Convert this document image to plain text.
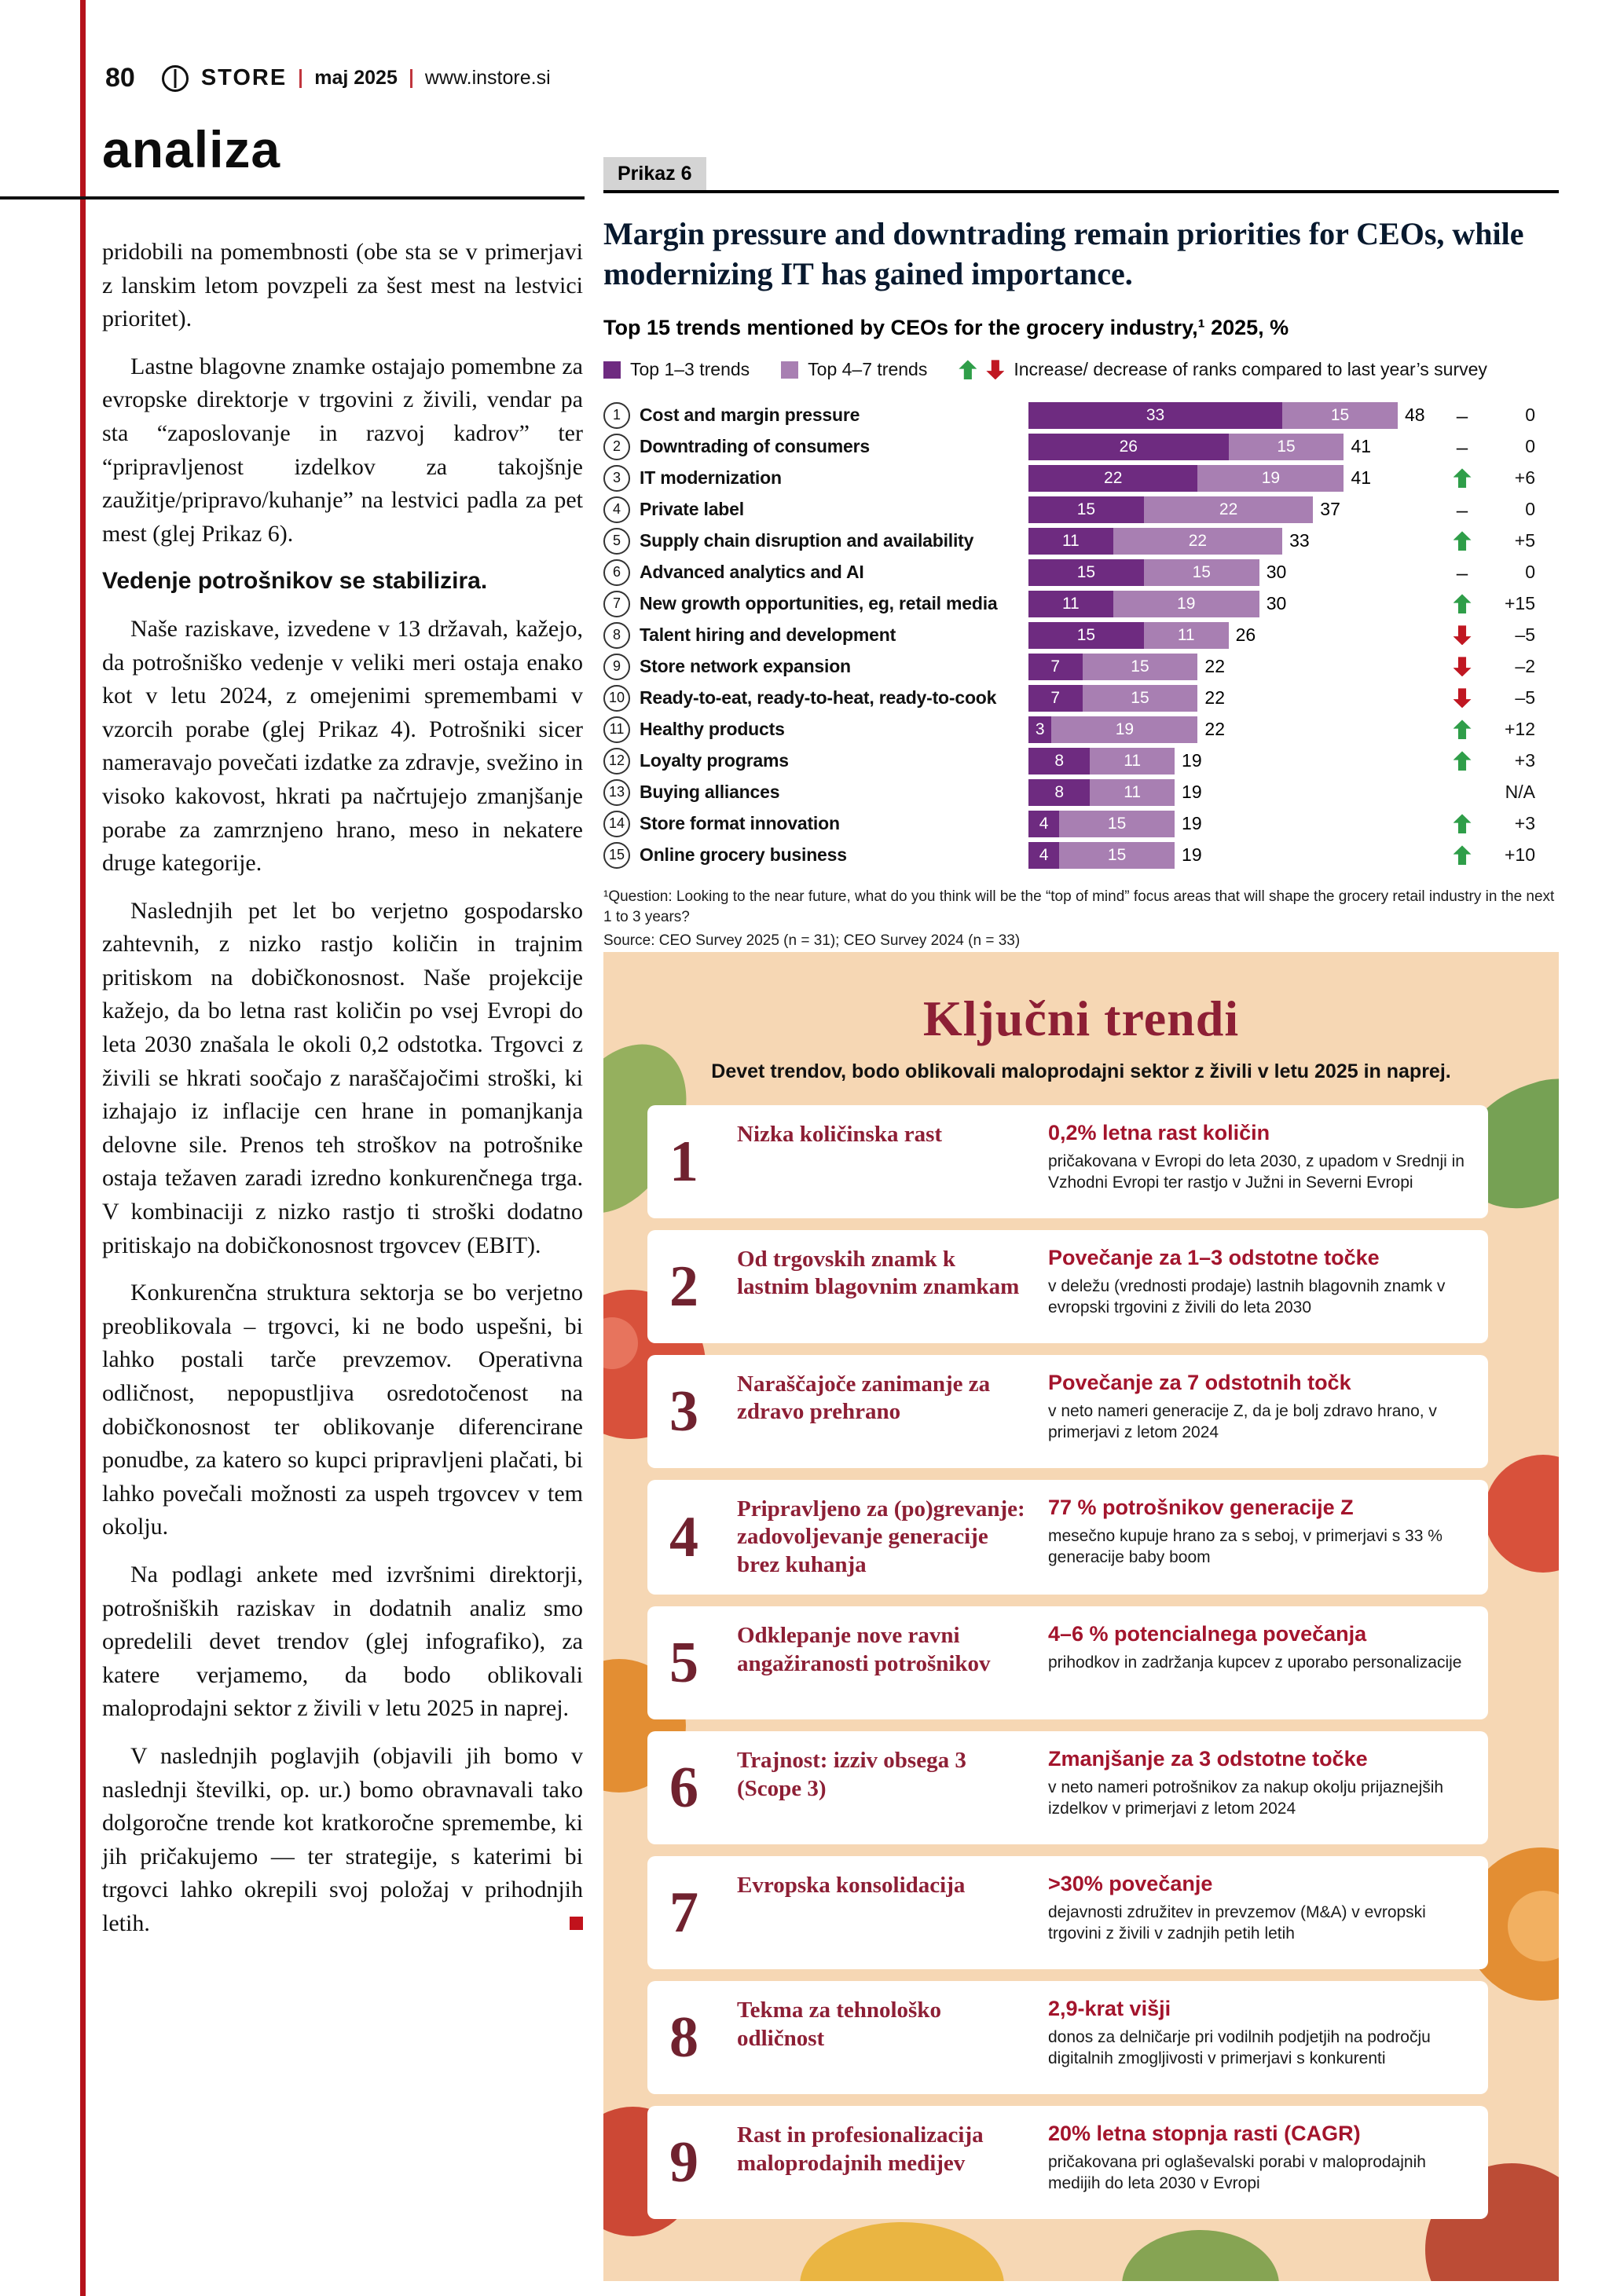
80	STORE maj 2025 www.instore.si
analiza

pridobili na pomembnosti (obe sta se v primerjavi z lanskim letom povzpeli za šest mest na lestvici prioritet).

Lastne blagovne znamke ostajajo pomembne za evropske direktorje v trgovini z živili, vendar pa sta “zaposlovanje in razvoj kadrov” ter “pripravljenost izdelkov za takojšnje zaužitje/pripravo/kuhanje” na lestvici padla za pet mest (glej Prikaz 6).

Vedenje potrošnikov se stabilizira.

Naše raziskave, izvedene v 13 državah, kažejo, da potrošniško vedenje v veliki meri ostaja enako kot v letu 2024, z omejenimi spremembami v vzorcih porabe (glej Prikaz 4). Potrošniki sicer nameravajo povečati izdatke za zdravje, svežino in visoko kakovost, hkrati pa načrtujejo zmanjšanje porabe za zamrznjeno hrano, meso in nekatere druge kategorije.

Naslednjih pet let bo verjetno gospodarsko zahtevnih, z nizko rastjo količin in trajnim pritiskom na dobičkonosnost. Naše projekcije kažejo, da bo letna rast količin po vsej Evropi do leta 2030 znašala le okoli 0,2 odstotka. Trgovci z živili se hkrati soočajo z naraščajočimi stroški, ki izhajajo iz inflacije cen hrane in pomanjkanja delovne sile. Prenos teh stroškov na potrošnike ostaja težaven zaradi izredno konkurenčnega trga. V kombinaciji z nizko rastjo ti stroški dodatno pritiskajo na dobičkonosnost trgovcev (EBIT).

Konkurenčna struktura sektorja se bo verjetno preoblikovala – trgovci, ki ne bodo uspešni, bi lahko postali tarče prevzemov. Operativna odličnost, nepopustljiva osredotočenost na dobičkonosnost ter oblikovanje diferencirane ponudbe, za katero so kupci pripravljeni plačati, bi lahko povečali možnosti za uspeh trgovcev v tem okolju.

Na podlagi ankete med izvršnimi direktorji, potrošniških raziskav in dodatnih analiz smo opredelili devet trendov (glej infografiko), za katere verjamemo, da bodo oblikovali maloprodajni sektor z živili v letu 2025 in naprej.

V naslednjih poglavjih (objavili jih bomo v naslednji številki, op. ur.) bomo obravnavali tako dolgoročne trende kot kratkoročne spremembe, ki jih pričakujemo — ter strategije, s katerimi bi trgovci lahko okrepili svoj položaj v prihodnjih letih.

Prikaz 6
Margin pressure and downtrading remain priorities for CEOs, while modernizing IT has gained importance.
Top 15 trends mentioned by CEOs for the grocery industry,¹ 2025, %
Top 1–3 trends	Top 4–7 trends	Increase/ decrease of ranks compared to last year’s survey
1	Cost and margin pressure	33	15	48 –	0
2	Downtrading of consumers	26	15	41	–	0
3	IT modernization	22	19	41	+6
4	Private label	15	22	37	–	0
5	Supply chain disruption and availability	11	22	33	+5
6	Advanced analytics and AI	15	15	30	–	0
7	New growth opportunities, eg, retail media	11	19	30	+15
8	Talent hiring and development	15	11	26	–5
9	Store network expansion	7	15	22	–2
10 Ready-to-eat, ready-to-heat, ready-to-cook	7	15	22	–5
11 Healthy products	3	19	22	+12
12 Loyalty programs	8	11	19	+3
13 Buying alliances	8	11	19	N/A
14 Store format innovation	4	15	19	+3
15 Online grocery business	4	15	19	+10

¹Question: Looking to the near future, what do you think will be the “top of mind” focus areas that will shape the grocery retail industry in the next 1 to 3 years?

Source: CEO Survey 2025 (n = 31); CEO Survey 2024 (n = 33)

Ključni trendi
Devet trendov, bodo oblikovali maloprodajni sektor z živili v letu 2025 in naprej.
1	Nizka količinska rast	0,2% letna rast količin
pričakovana v Evropi do leta 2030, z upadom v Srednji in Vzhodni Evropi ter rastjo v Južni in Severni Evropi
2	Od trgovskih znamk k lastnim blagovnim znamkam
Povečanje za 1–3 odstotne točke
v deležu (vrednosti prodaje) lastnih blagovnih znamk v evropski trgovini z živili do leta 2030
3	Naraščajoče zanimanje za zdravo prehrano
Povečanje za 7 odstotnih točk
v neto nameri generacije Z, da je bolj zdravo hrano, v primerjavi z letom 2024
4	Pripravljeno za (po)grevanje: zadovoljevanje generacije brez kuhanja
77 % potrošnikov generacije Z
mesečno kupuje hrano za s seboj, v primerjavi s 33 % generacije baby boom
5	Odklepanje nove ravni angažiranosti potrošnikov
4–6 % potencialnega povečanja
prihodkov in zadržanja kupcev z uporabo personalizacije
6	Trajnost: izziv obsega 3 (Scope 3)
Zmanjšanje za 3 odstotne točke
v neto nameri potrošnikov za nakup okolju prijaznejših izdelkov v primerjavi z letom 2024
7	Evropska konsolidacija	>30% povečanje
dejavnosti združitev in prevzemov (M&A) v evropski trgovini z živili v zadnjih petih letih
8	Tekma za tehnološko odličnost
2,9-krat višji
donos za delničarje pri vodilnih podjetjih na področju digitalnih zmogljivosti v primerjavi s konkurenti
9	Rast in profesionalizacija maloprodajnih medijev
20% letna stopnja rasti (CAGR)
pričakovana pri oglaševalski porabi v maloprodajnih medijih do leta 2030 v Evropi
